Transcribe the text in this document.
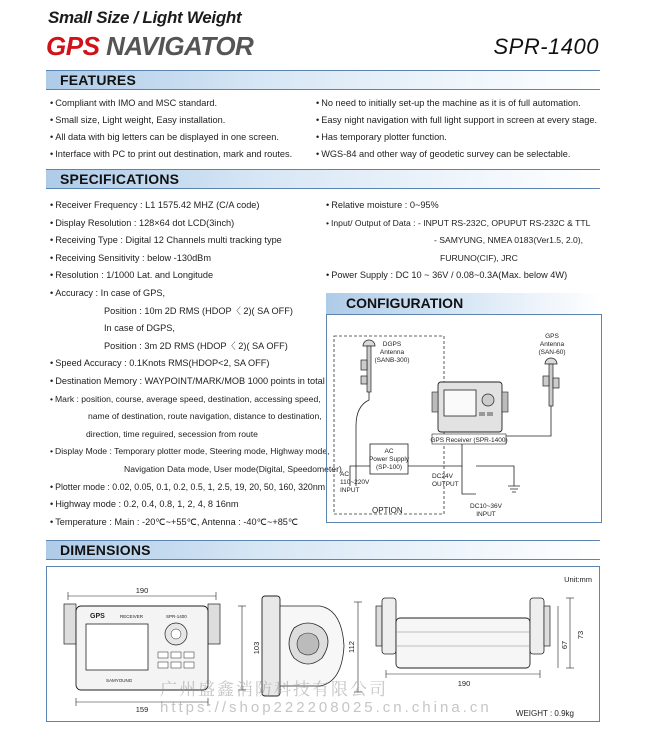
Small Size / Light Weight
GPS NAVIGATOR	SPR-1400
FEATURES
• Compliant with IMO and MSC standard.
• Small size, Light weight, Easy installation.
• All data with big letters can be displayed in one screen.
• Interface with PC to print out destination, mark and routes.
• No need to initially set-up the machine as it is of full automation.
• Easy night navigation with full light support in screen at every stage.
• Has temporary plotter function.
• WGS-84 and other way of geodetic survey can be selectable.
SPECIFICATIONS
• Receiver Frequency : L1 1575.42 MHZ (C/A code)
• Display Resolution : 128×64 dot LCD(3inch)
• Receiving Type : Digital 12 Channels multi tracking type
• Receiving Sensitivity : below -130dBm
• Resolution : 1/1000 Lat. and Longitude
• Accuracy : In case of GPS,
Position : 10m 2D RMS (HDOP〈 2)( SA OFF)
In case of DGPS,
Position : 3m 2D RMS (HDOP〈 2)( SA OFF)
• Speed Accuracy : 0.1Knots RMS(HDOP<2, SA OFF)
• Destination Memory : WAYPOINT/MARK/MOB 1000 points in total
• Mark : position, course, average speed, destination, accessing speed,
name of destination, route navigation, distance to destination,
direction, time reguired, secession from route
• Display Mode : Temporary plotter mode, Steering mode, Highway mode,
Navigation Data mode, User mode(Digital, Speedometer)
• Plotter mode : 0.02, 0.05, 0.1, 0.2, 0.5, 1, 2.5, 19, 20, 50, 160, 320nm
• Highway mode : 0.2, 0.4, 0.8, 1, 2, 4, 8 16nm
• Temperature : Main : -20℃~+55℃, Antenna : -40℃~+85℃
• Relative moisture : 0~95%
• Input/ Output of Data : - INPUT RS-232C, OPUPUT RS-232C & TTL
- SAMYUNG, NMEA 0183(Ver1.5, 2.0),
FURUNO(CIF), JRC
• Power Supply : DC 10 ~ 36V / 0.08~0.3A(Max. below 4W)
CONFIGURATION
DGPS
Antenna
(SANB-300)
GPS
Antenna
(SAN-60)
GPS Receiver (SPR-1400)
AC
Power Supply
(SP-100)
AC
110~220V
INPUT
DC24V
OUTPUT
DC10~36V
INPUT
OPTION
DIMENSIONS
Unit:mm
190
GPS	RECEIVER	SPR-1400
SAMYOUNG
159
103	112
190
73
67
WEIGHT : 0.9kg
广州盛鑫消防科技有限公司
https://shop222208025.cn.china.cn
